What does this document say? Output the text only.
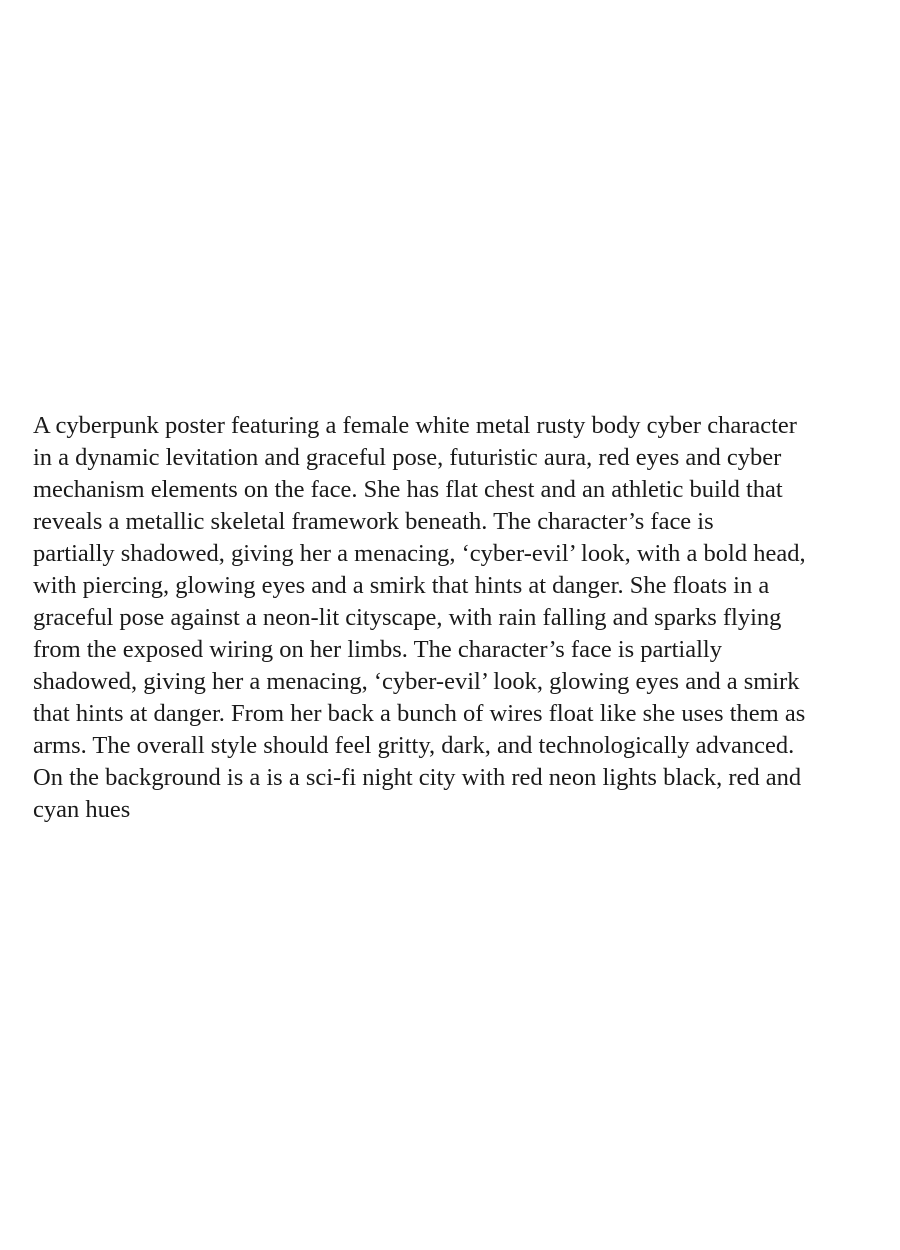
A cyberpunk poster featuring a female white metal rusty body cyber character
in a dynamic levitation and graceful pose, futuristic aura, red eyes and cyber
mechanism elements on the face. She has flat chest and an athletic build that
reveals a metallic skeletal framework beneath. The character’s face is
partially shadowed, giving her a menacing, ‘cyber-evil’ look, with a bold head,
with piercing, glowing eyes and a smirk that hints at danger. She floats in a
graceful pose against a neon-lit cityscape, with rain falling and sparks flying
from the exposed wiring on her limbs. The character’s face is partially
shadowed, giving her a menacing, ‘cyber-evil’ look, glowing eyes and a smirk
that hints at danger. From her back a bunch of wires float like she uses them as
arms. The overall style should feel gritty, dark, and technologically advanced.
On the background is a is a sci-fi night city with red neon lights black, red and
cyan hues
